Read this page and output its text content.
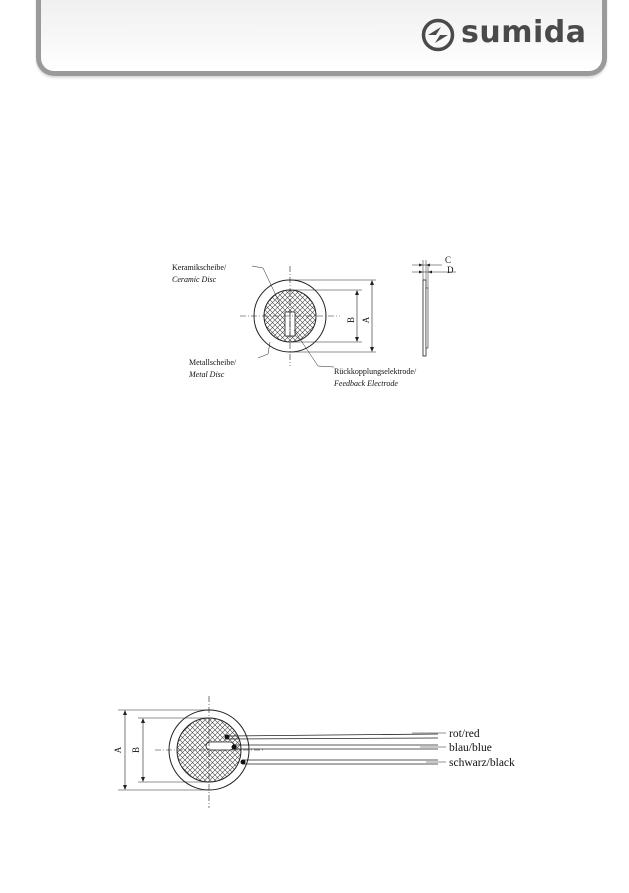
sumida
B A
Keramikscheibe/
Ceramic Disc
Metallscheibe/
Metal Disc	Rückkopplungselektrode/
Feedback Electrode
C
D
A B
rot/red
blau/blue
schwarz/black
